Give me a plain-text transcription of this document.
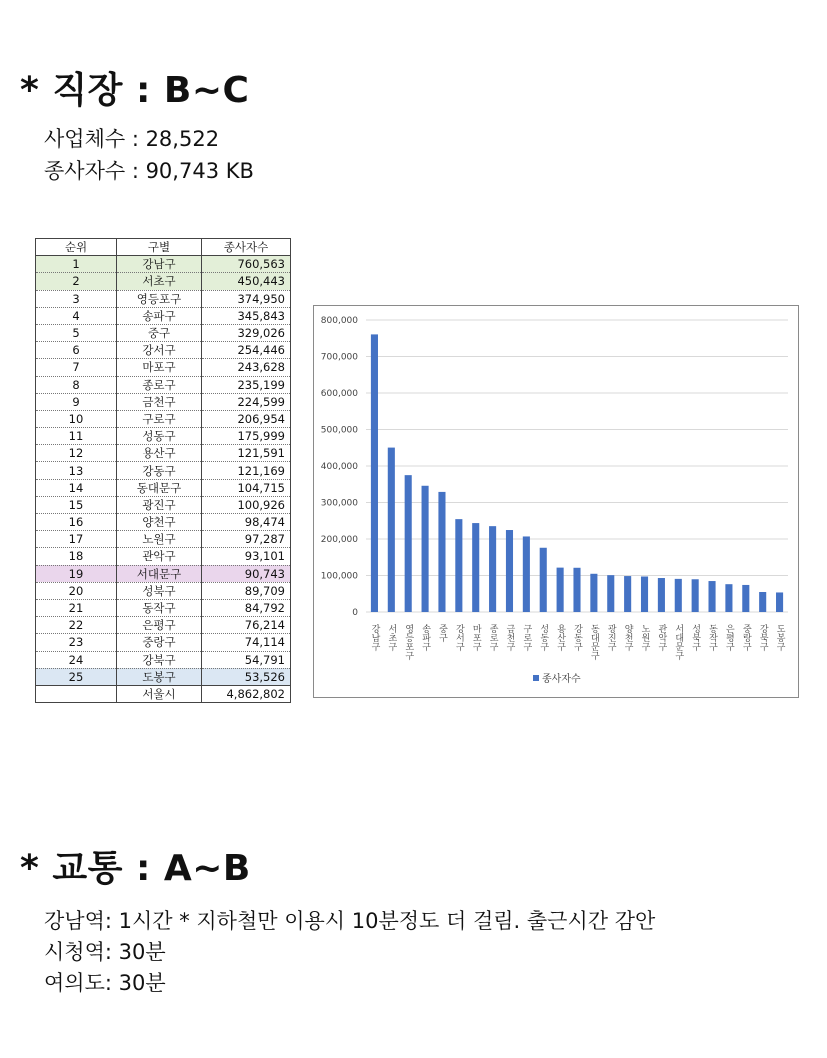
* 직장 : B~C
사업체수 : 28,522
종사자수 : 90,743 KB
순위	구별	종사자수
1	강남구	760,563
2	서초구	450,443
3	영등포구	374,950
4	송파구	345,843
5	중구	329,026
6	강서구	254,446
7	마포구	243,628
8	종로구	235,199
9	금천구	224,599
10	구로구	206,954
11	성동구	175,999
12	용산구	121,591
13	강동구	121,169
14	동대문구	104,715
15	광진구	100,926
16	양천구	98,474
17	노원구	97,287
18	관악구	93,101
19	서대문구	90,743
20	성북구	89,709
21	동작구	84,792
22	은평구	76,214
23	중랑구	74,114
24	강북구	54,791
25	도봉구	53,526
	서울시	4,862,802
0
100,000
200,000
300,000
400,000
500,000
600,000
700,000
800,000
강남구 서초구 영등포구 송파구 중구 강서구 마포구 종로구 금천구 구로구 성동구 용산구 강동구 동대문구 광진구 양천구 노원구 관악구 서대문구 성북구 동작구 은평구 중랑구 강북구 도봉구
종사자수
* 교통 : A~B
강남역: 1시간 * 지하철만 이용시 10분정도 더 걸림. 출근시간 감안
시청역: 30분
여의도: 30분
